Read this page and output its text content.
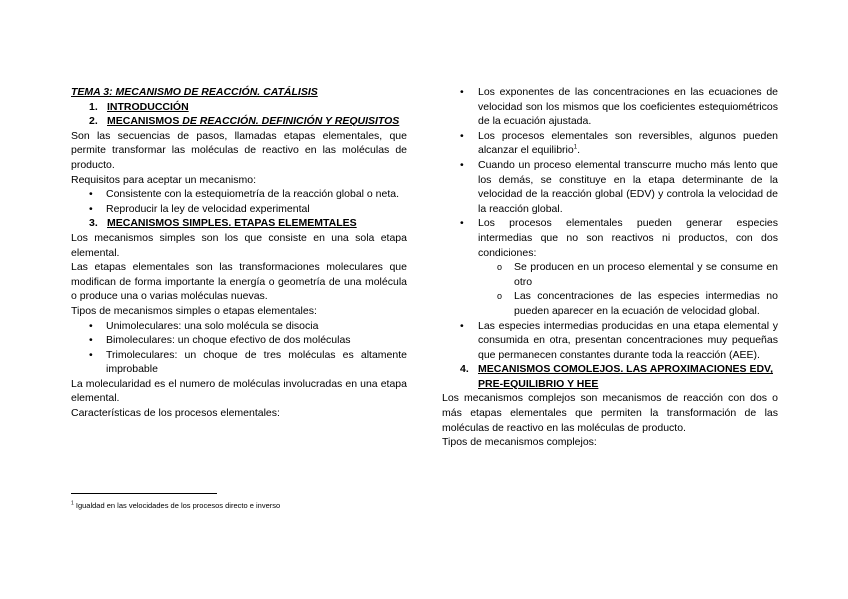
TEMA 3: MECANISMO DE REACCIÓN. CATÁLISIS

1. INTRODUCCIÓN
2. MECANISMOS DE REACCIÓN. DEFINICIÓN Y REQUISITOS

Son las secuencias de pasos, llamadas etapas elementales, que permite transformar las moléculas de reactivo en las moléculas de producto.

Requisitos para aceptar un mecanismo:

• Consistente con la estequiometría de la reacción global o neta.
• Reproducir la ley de velocidad experimental
3. MECANISMOS SIMPLES. ETAPAS ELEMEMTALES

Los mecanismos simples son los que consiste en una sola etapa elemental.

Las etapas elementales son las transformaciones moleculares que modifican de forma importante la energía o geometría de una molécula o produce una o varias moléculas nuevas.

Tipos de mecanismos simples o etapas elementales:

• Unimoleculares: una solo molécula se disocia
• Bimoleculares: un choque efectivo de dos moléculas
• Trimoleculares: un choque de tres moléculas es altamente improbable

La molecularidad es el numero de moléculas involucradas en una etapa elemental.

Características de los procesos elementales:

• Los exponentes de las concentraciones en las ecuaciones de velocidad son los mismos que los coeficientes estequiométricos de la ecuación ajustada.
• Los procesos elementales son reversibles, algunos pueden alcanzar el equilibrio$^1$.
• Cuando un proceso elemental transcurre mucho más lento que los demás, se constituye en la etapa determinante de la velocidad de la reacción global (EDV) y controla la velocidad de la reacción global.
• Los procesos elementales pueden generar especies intermedias que no son reactivos ni productos, con dos condiciones:
o Se producen en un proceso elemental y se consume en otro
o Las concentraciones de las especies intermedias no pueden aparecer en la ecuación de velocidad global.
• Las especies intermedias producidas en una etapa elemental y consumida en otra, presentan concentraciones muy pequeñas que permanecen constantes durante toda la reacción (AEE).
4. MECANISMOS COMOLEJOS. LAS APROXIMACIONES EDV, PRE-EQUILIBRIO Y HEE

Los mecanismos complejos son mecanismos de reacción con dos o más etapas elementales que permiten la transformación de las moléculas de reactivo en las moléculas de producto.

Tipos de mecanismos complejos:

$^1$ Igualdad en las velocidades de los procesos directo e inverso
